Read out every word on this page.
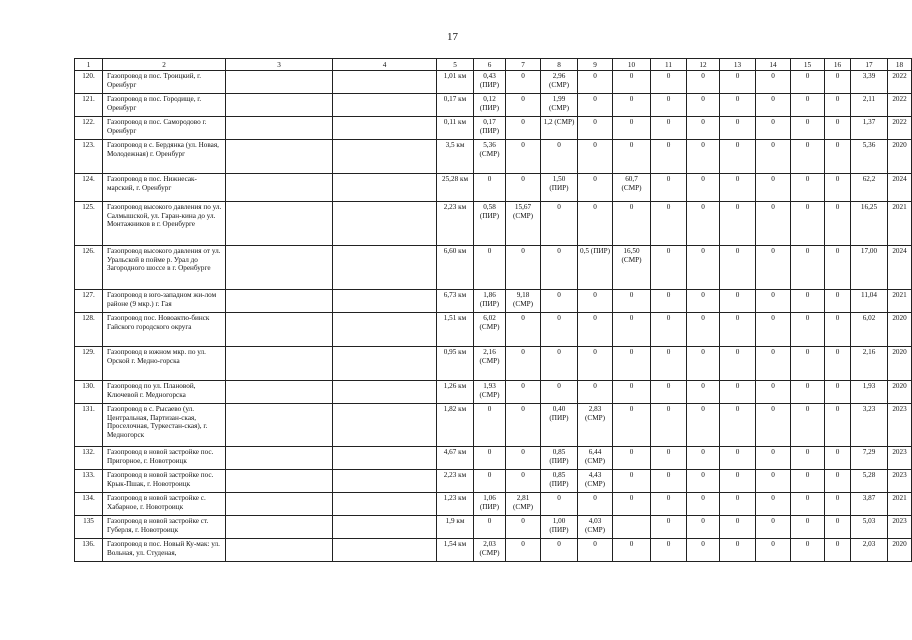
17
1	2	3	4	5	6	7	8	9	10	11	12	13	14	15	16	17	18
120.	Газопровод в пос. Троицкий, г. Оренбург			1,01 км	0,43 (ПИР)	0	2,96 (СМР)	0	0	0	0	0	0	0	0	3,39	2022
121.	Газопровод в пос. Городище, г. Оренбург			0,17 км	0,12 (ПИР)	0	1,99 (СМР)	0	0	0	0	0	0	0	0	2,11	2022
122.	Газопровод в пос. Самородово г. Оренбург			0,11 км	0,17 (ПИР)	0	1,2 (СМР)	0	0	0	0	0	0	0	0	1,37	2022
123.	Газопровод в с. Бердянка (ул. Новая, Молодежная) г. Оренбург			3,5 км	5,36 (СМР)	0	0	0	0	0	0	0	0	0	0	5,36	2020
124.	Газопровод в пос. Нижнесак-марский, г. Оренбург			25,28 км	0	0	1,50 (ПИР)	0	60,7 (СМР)	0	0	0	0	0	0	62,2	2024
125.	Газопровод высокого давления по ул. Салмышской, ул. Гаран-кина до ул. Монтажников в г. Оренбурге			2,23 км	0,58 (ПИР)	15,67 (СМР)	0	0	0	0	0	0	0	0	0	16,25	2021
126.	Газопровод высокого давления от ул. Уральской в пойме р. Урал до Загородного шоссе в г. Оренбурге			6,60 км	0	0	0	0,5 (ПИР)	16,50 (СМР)	0	0	0	0	0	0	17,00	2024
127.	Газопровод в юго-западном жи-лом районе (9 мкр.) г. Гая			6,73 км	1,86 (ПИР)	9,18 (СМР)	0	0	0	0	0	0	0	0	0	11,04	2021
128.	Газопровод пос. Новоактю-бинск Гайского городского округа			1,51 км	6,02 (СМР)	0	0	0	0	0	0	0	0	0	0	6,02	2020
129.	Газопровод в южном мкр. по ул. Орской г. Медно-горска			0,95 км	2,16 (СМР)	0	0	0	0	0	0	0	0	0	0	2,16	2020
130.	Газопровод по ул. Плановой, Ключевой г. Медногорска			1,26 км	1,93 (СМР)	0	0	0	0	0	0	0	0	0	0	1,93	2020
131.	Газопровод в с. Рысаево (ул. Центральная, Партизан-ская, Проселочная, Туркестан-ская), г. Медногорск			1,82 км	0	0	0,40 (ПИР)	2,83 (СМР)	0	0	0	0	0	0	0	3,23	2023
132.	Газопровод в новой застройке пос. Пригорное, г. Новотроицк			4,67 км	0	0	0,85 (ПИР)	6,44 (СМР)	0	0	0	0	0	0	0	7,29	2023
133.	Газопровод в новой застройке пос. Крык-Пшак, г. Новотроицк			2,23 км	0	0	0,85 (ПИР)	4,43 (СМР)	0	0	0	0	0	0	0	5,28	2023
134.	Газопровод в новой застройке с. Хабарное, г. Новотроицк			1,23 км	1,06 (ПИР)	2,81 (СМР)	0	0	0	0	0	0	0	0	0	3,87	2021
135	Газопровод в новой застройке ст. Губерля, г. Новотроицк			1,9 км	0	0	1,00 (ПИР)	4,03 (СМР)		0	0	0	0	0	0	5,03	2023
136.	Газопровод в пос. Новый Ку-мак: ул. Вольная, ул. Студеная,			1,54 км	2,03 (СМР)	0	0	0	0	0	0	0	0	0	0	2,03	2020
